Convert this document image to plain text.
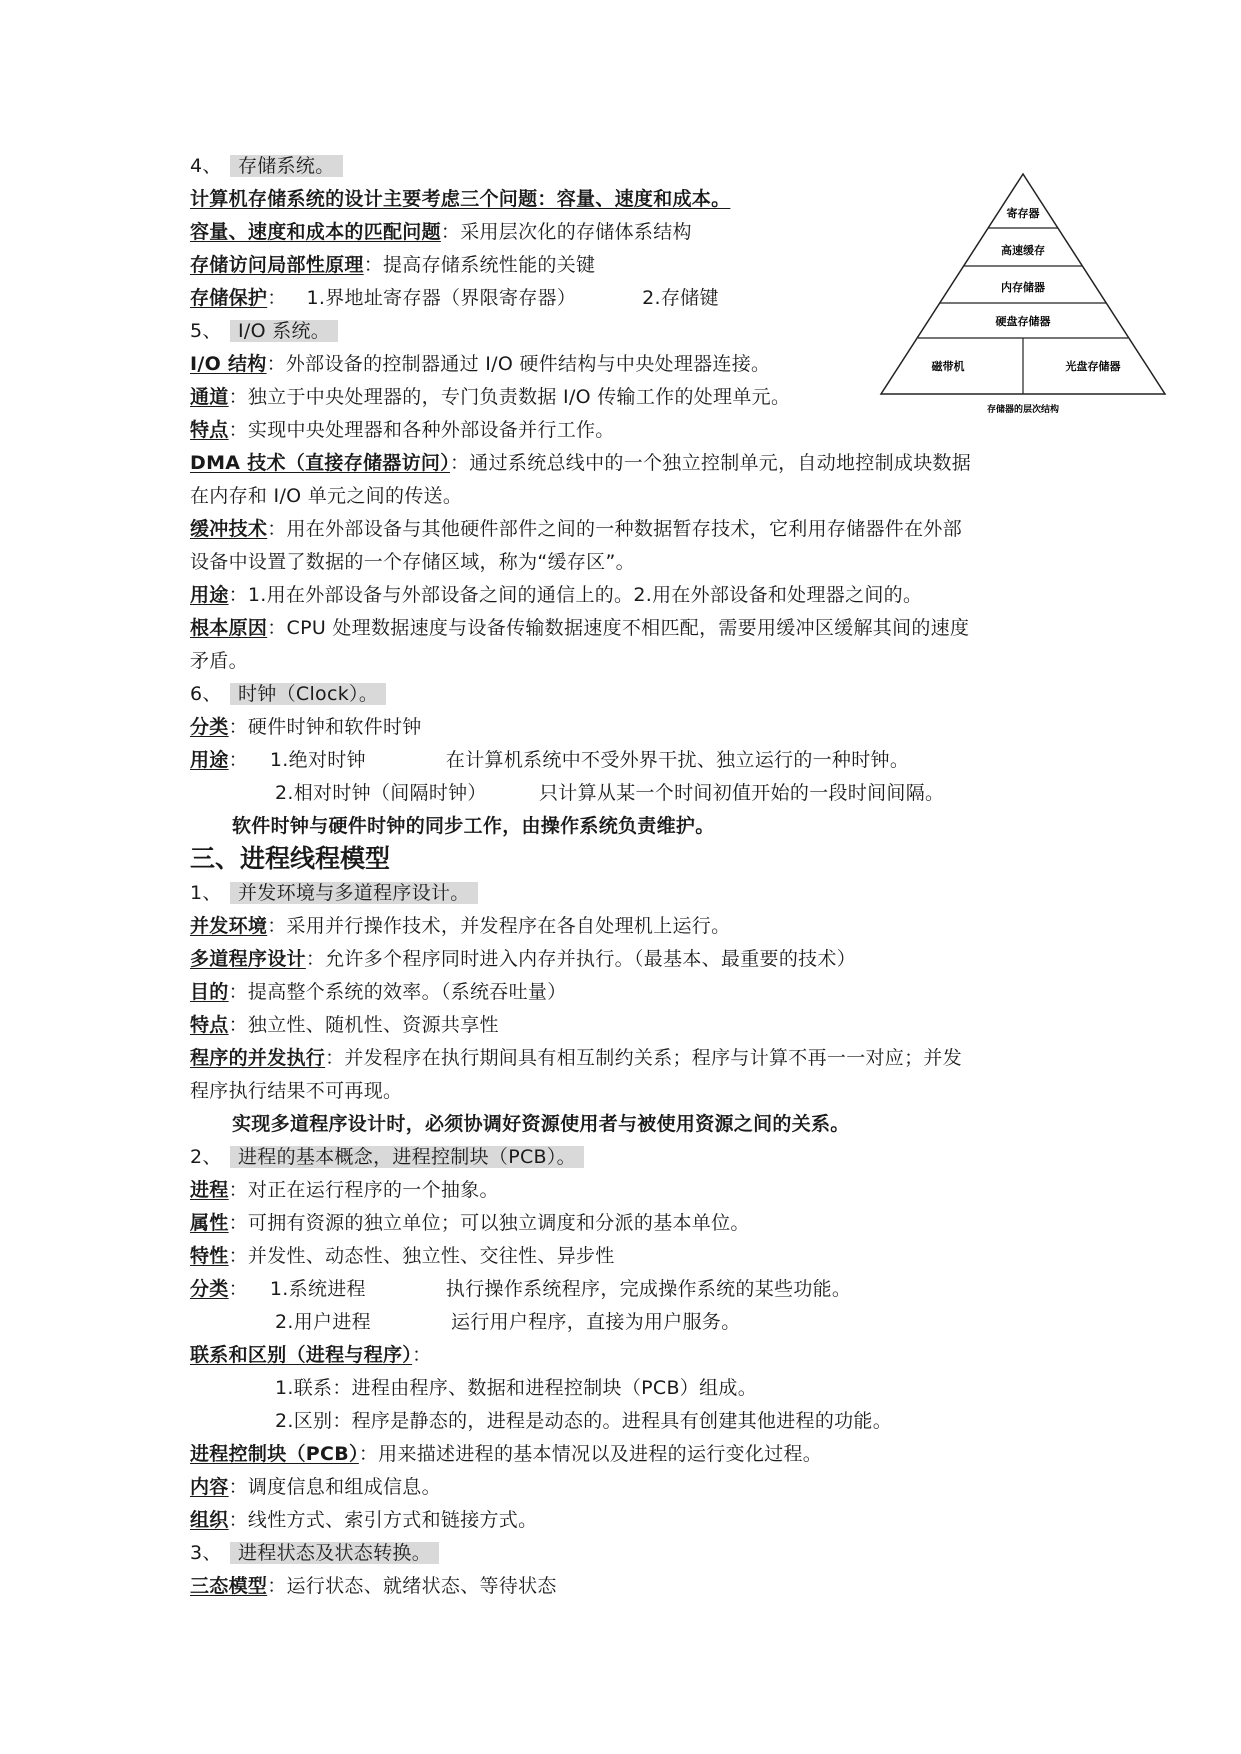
4、 存储系统。
计算机存储系统的设计主要考虑三个问题：容量、速度和成本。
容量、速度和成本的匹配问题：采用层次化的存储体系结构
存储访问局部性原理：提高存储系统性能的关键
存储保护： 1.界地址寄存器（界限寄存器）	2.存储键
5、 I/O 系统。
I/O 结构：外部设备的控制器通过 I/O 硬件结构与中央处理器连接。
通道：独立于中央处理器的，专门负责数据 I/O 传输工作的处理单元。
特点：实现中央处理器和各种外部设备并行工作。
DMA 技术（直接存储器访问）：通过系统总线中的一个独立控制单元，自动地控制成块数据
在内存和 I/O 单元之间的传送。
缓冲技术：用在外部设备与其他硬件部件之间的一种数据暂存技术，它利用存储器件在外部
设备中设置了数据的一个存储区域，称为“缓存区”。
用途：1.用在外部设备与外部设备之间的通信上的。2.用在外部设备和处理器之间的。
根本原因：CPU 处理数据速度与设备传输数据速度不相匹配，需要用缓冲区缓解其间的速度
矛盾。
6、 时钟（Clock）。
分类：硬件时钟和软件时钟
用途： 1.绝对时钟	在计算机系统中不受外界干扰、独立运行的一种时钟。
2.相对时钟（间隔时钟）	只计算从某一个时间初值开始的一段时间间隔。
软件时钟与硬件时钟的同步工作，由操作系统负责维护。
三、进程线程模型
1、 并发环境与多道程序设计。
并发环境：采用并行操作技术，并发程序在各自处理机上运行。
多道程序设计：允许多个程序同时进入内存并执行。（最基本、最重要的技术）
目的：提高整个系统的效率。（系统吞吐量）
特点：独立性、随机性、资源共享性
程序的并发执行：并发程序在执行期间具有相互制约关系；程序与计算不再一一对应；并发
程序执行结果不可再现。
实现多道程序设计时，必须协调好资源使用者与被使用资源之间的关系。
2、 进程的基本概念，进程控制块（PCB）。
进程：对正在运行程序的一个抽象。
属性：可拥有资源的独立单位；可以独立调度和分派的基本单位。
特性：并发性、动态性、独立性、交往性、异步性
分类： 1.系统进程	执行操作系统程序，完成操作系统的某些功能。
2.用户进程	运行用户程序，直接为用户服务。
联系和区别（进程与程序）：
1.联系：进程由程序、数据和进程控制块（PCB）组成。
2.区别：程序是静态的，进程是动态的。进程具有创建其他进程的功能。
进程控制块（PCB）：用来描述进程的基本情况以及进程的运行变化过程。
内容：调度信息和组成信息。
组织：线性方式、索引方式和链接方式。
3、 进程状态及状态转换。
三态模型：运行状态、就绪状态、等待状态
寄存器
高速缓存
内存储器
硬盘存储器
磁带机	光盘存储器
存储器的层次结构
